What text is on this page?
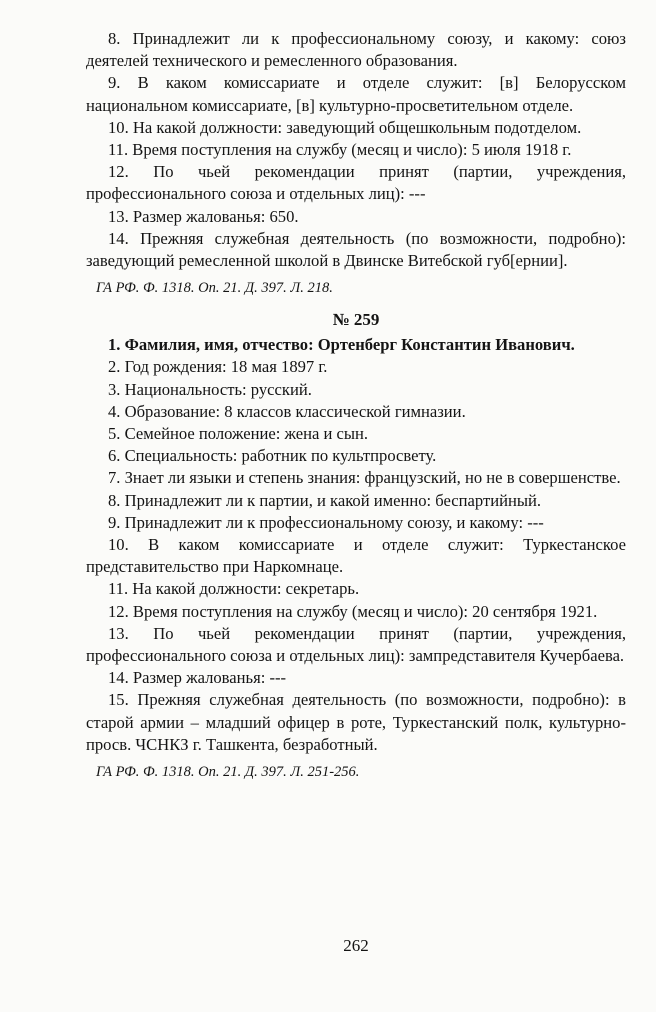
8. Принадлежит ли к профессиональному союзу, и какому: союз деятелей технического и ремесленного образования.

9. В каком комиссариате и отделе служит: [в] Белорусском национальном комиссариате, [в] культурно-просветительном отделе.

10. На какой должности: заведующий общешкольным подотделом.

11. Время поступления на службу (месяц и число): 5 июля 1918 г.

12. По чьей рекомендации принят (партии, учреждения, профессионального союза и отдельных лиц): ---

13. Размер жалованья: 650.

14. Прежняя служебная деятельность (по возможности, подробно): заведующий ремесленной школой в Двинске Витебской губ[ернии].

ГА РФ. Ф. 1318. Оп. 21. Д. 397. Л. 218.

№ 259

1. Фамилия, имя, отчество: Ортенберг Константин Иванович.

2. Год рождения: 18 мая 1897 г.

3. Национальность: русский.

4. Образование: 8 классов классической гимназии.

5. Семейное положение: жена и сын.

6. Специальность: работник по культпросвету.

7. Знает ли языки и степень знания: французский, но не в совершенстве.

8. Принадлежит ли к партии, и какой именно: беспартийный.

9. Принадлежит ли к профессиональному союзу, и какому: ---

10. В каком комиссариате и отделе служит: Туркестанское представительство при Наркомнаце.

11. На какой должности: секретарь.

12. Время поступления на службу (месяц и число): 20 сентября 1921.

13. По чьей рекомендации принят (партии, учреждения, профессионального союза и отдельных лиц): зампредставителя Кучербаева.

14. Размер жалованья: ---

15. Прежняя служебная деятельность (по возможности, подробно): в старой армии – младший офицер в роте, Туркестанский полк, культурно-просв. ЧСНКЗ г. Ташкента, безработный.

ГА РФ. Ф. 1318. Оп. 21. Д. 397. Л. 251-256.

262
